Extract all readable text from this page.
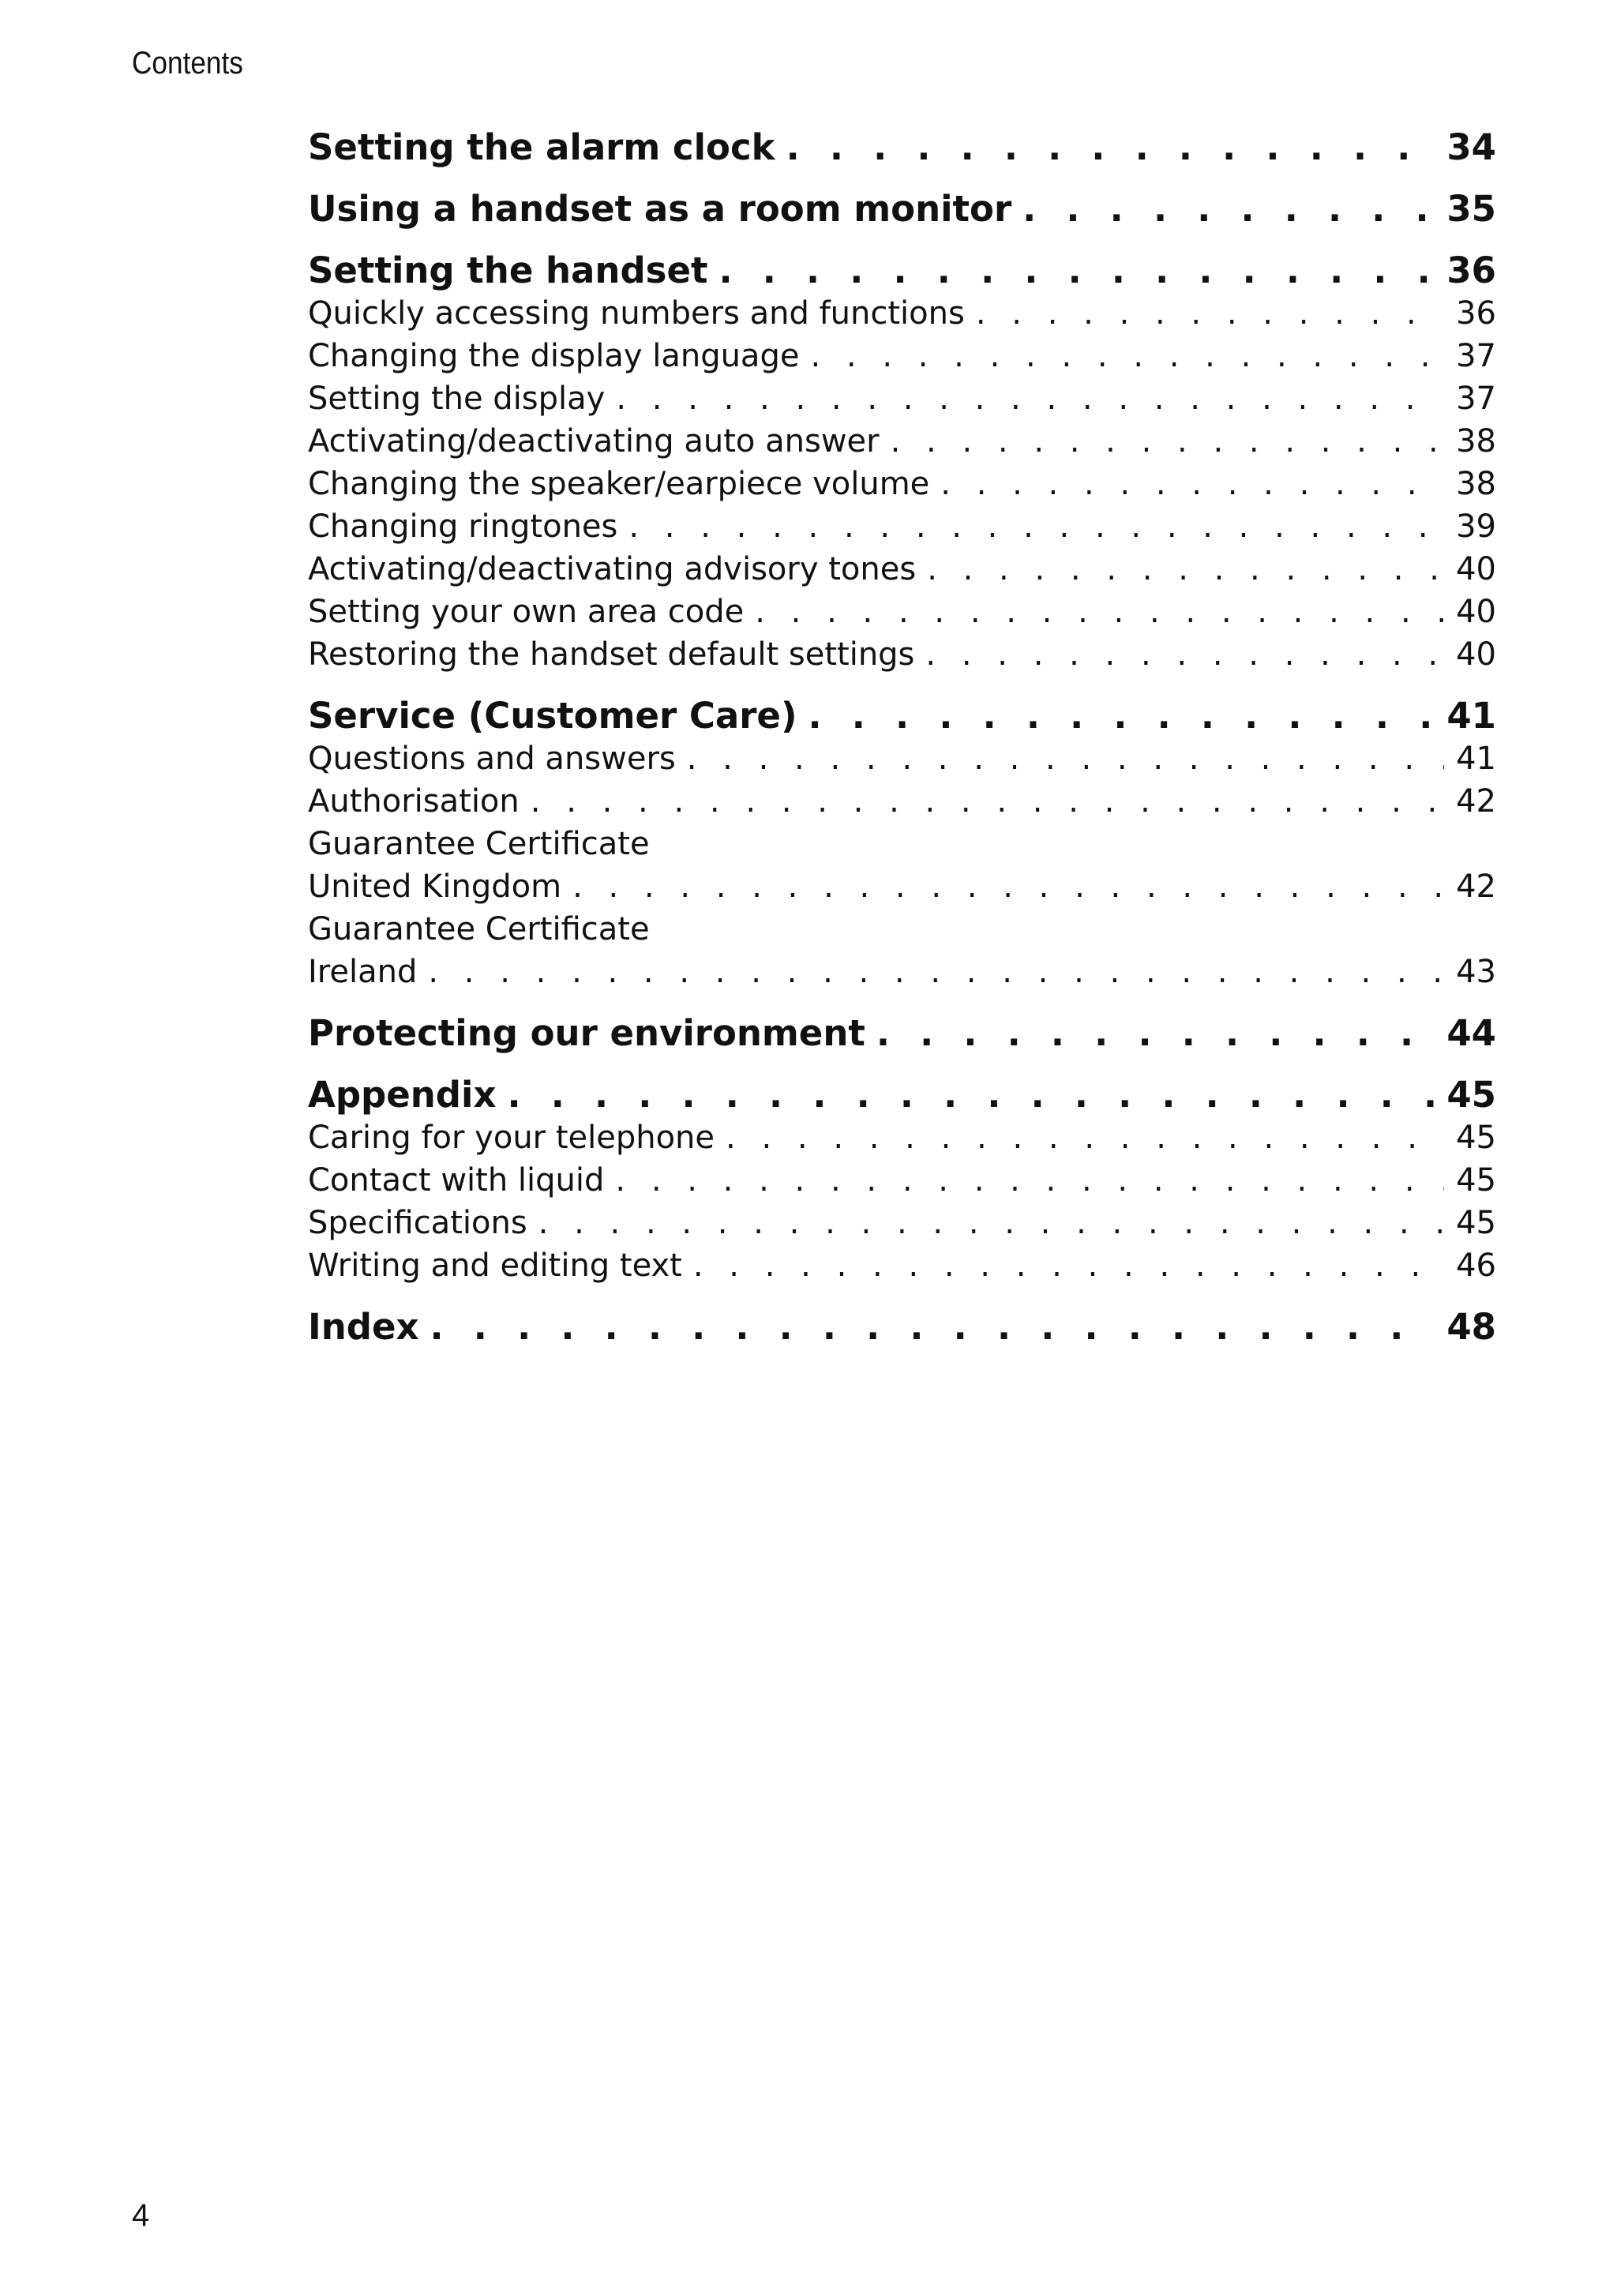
Contents
Setting the alarm clock . . .	34
Using a handset as a room monitor . . .	35
Setting the handset . . .	36
Quickly accessing numbers and functions . . .	36
Changing the display language . . .	37
Setting the display . . .	37
Activating/deactivating auto answer . . .	38
Changing the speaker/earpiece volume . . .	38
Changing ringtones . . .	39
Activating/deactivating advisory tones . . .	40
Setting your own area code . . .	40
Restoring the handset default settings . . .	40
Service (Customer Care) . . .	41
Questions and answers . . .	41
Authorisation . . .	42
Guarantee Certificate
United Kingdom . . .	42
Guarantee Certificate
Ireland . . .	43
Protecting our environment . . .	44
Appendix . . .	45
Caring for your telephone . . .	45
Contact with liquid . . .	45
Specifications . . .	45
Writing and editing text . . .	46
Index . . .	48
4
